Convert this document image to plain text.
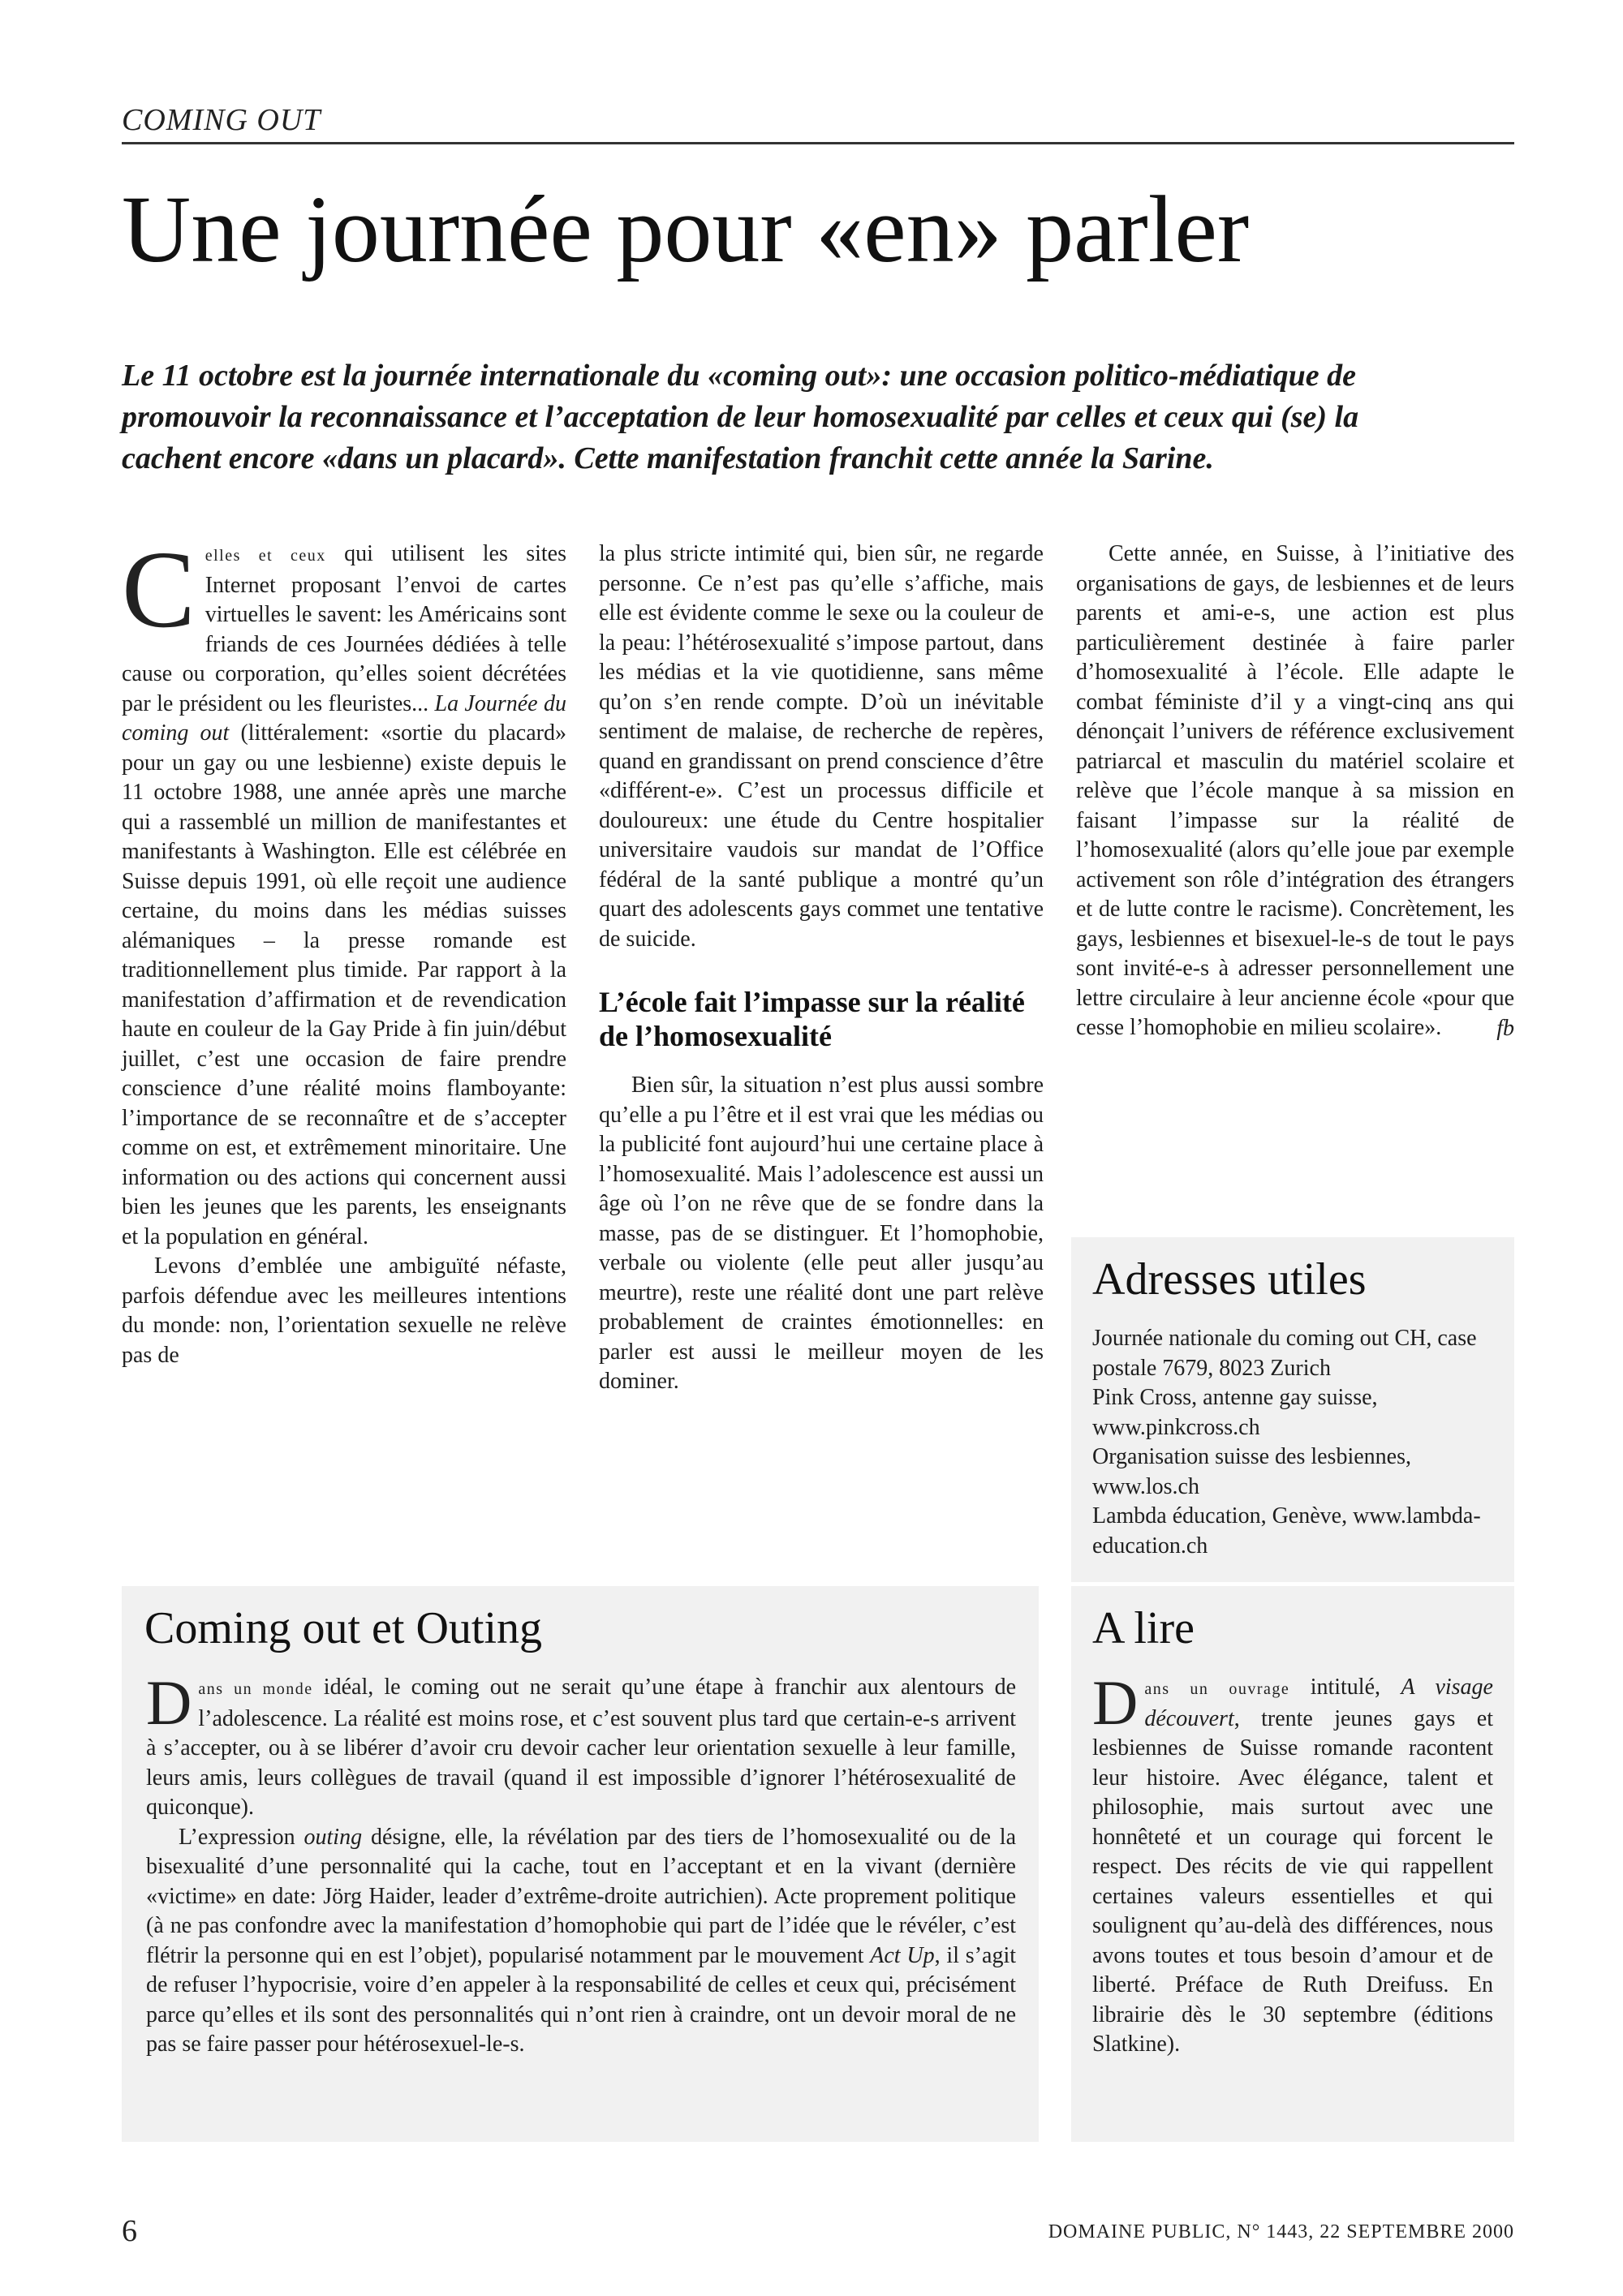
COMING OUT
Une journée pour «en» parler

Le 11 octobre est la journée internationale du «coming out»: une occasion politico-médiatique de promouvoir la reconnaissance et l’acceptation de leur homosexualité par celles et ceux qui (se) la cachent encore «dans un placard». Cette manifestation franchit cette année la Sarine.

Celles et ceux qui utilisent les sites Internet proposant l’envoi de cartes virtuelles le savent: les Américains sont friands de ces Journées dédiées à telle cause ou corporation, qu’elles soient décrétées par le président ou les fleuristes... La Journée du coming out (littéralement: «sortie du placard» pour un gay ou une lesbienne) existe depuis le 11 octobre 1988, une année après une marche qui a rassemblé un million de manifestantes et manifestants à Washington. Elle est célébrée en Suisse depuis 1991, où elle reçoit une audience certaine, du moins dans les médias suisses alémaniques – la presse romande est traditionnellement plus timide. Par rapport à la manifestation d’affirmation et de revendication haute en couleur de la Gay Pride à fin juin/début juillet, c’est une occasion de faire prendre conscience d’une réalité moins flamboyante: l’importance de se reconnaître et de s’accepter comme on est, et extrêmement minoritaire. Une information ou des actions qui concernent aussi bien les jeunes que les parents, les enseignants et la population en général.

Levons d’emblée une ambiguïté néfaste, parfois défendue avec les meilleures intentions du monde: non, l’orientation sexuelle ne relève pas de

la plus stricte intimité qui, bien sûr, ne regarde personne. Ce n’est pas qu’elle s’affiche, mais elle est évidente comme le sexe ou la couleur de la peau: l’hétérosexualité s’impose partout, dans les médias et la vie quotidienne, sans même qu’on s’en rende compte. D’où un inévitable sentiment de malaise, de recherche de repères, quand en grandissant on prend conscience d’être «différent-e». C’est un processus difficile et douloureux: une étude du Centre hospitalier universitaire vaudois sur mandat de l’Office fédéral de la santé publique a montré qu’un quart des adolescents gays commet une tentative de suicide.

L’école fait l’impasse sur la réalité de l’homosexualité

Bien sûr, la situation n’est plus aussi sombre qu’elle a pu l’être et il est vrai que les médias ou la publicité font aujourd’hui une certaine place à l’homosexualité. Mais l’adolescence est aussi un âge où l’on ne rêve que de se fondre dans la masse, pas de se distinguer. Et l’homophobie, verbale ou violente (elle peut aller jusqu’au meurtre), reste une réalité dont une part relève probablement de craintes émotionnelles: en parler est aussi le meilleur moyen de les dominer.

Cette année, en Suisse, à l’initiative des organisations de gays, de lesbiennes et de leurs parents et ami-e-s, une action est plus particulièrement destinée à faire parler d’homosexualité à l’école. Elle adapte le combat féministe d’il y a vingt-cinq ans qui dénonçait l’univers de référence exclusivement patriarcal et masculin du matériel scolaire et relève que l’école manque à sa mission en faisant l’impasse sur la réalité de l’homosexualité (alors qu’elle joue par exemple activement son rôle d’intégration des étrangers et de lutte contre le racisme). Concrètement, les gays, lesbiennes et bisexuel-le-s de tout le pays sont invité-e-s à adresser personnellement une lettre circulaire à leur ancienne école «pour que cesse l’homophobie en milieu scolaire».	fb

Adresses utiles

Journée nationale du coming out CH, case postale 7679, 8023 Zurich

Pink Cross, antenne gay suisse, www.pinkcross.ch

Organisation suisse des lesbiennes, www.los.ch

Lambda éducation, Genève, www.lambda-education.ch

Coming out et Outing

Dans un monde idéal, le coming out ne serait qu’une étape à franchir aux alentours de l’adolescence. La réalité est moins rose, et c’est souvent plus tard que certain-e-s arrivent à s’accepter, ou à se libérer d’avoir cru devoir cacher leur orientation sexuelle à leur famille, leurs amis, leurs collègues de travail (quand il est impossible d’ignorer l’hétérosexualité de quiconque).

L’expression outing désigne, elle, la révélation par des tiers de l’homosexualité ou de la bisexualité d’une personnalité qui la cache, tout en l’acceptant et en la vivant (dernière «victime» en date: Jörg Haider, leader d’extrême-droite autrichien). Acte proprement politique (à ne pas confondre avec la manifestation d’homophobie qui part de l’idée que le révéler, c’est flétrir la personne qui en est l’objet), popularisé notamment par le mouvement Act Up, il s’agit de refuser l’hypocrisie, voire d’en appeler à la responsabilité de celles et ceux qui, précisément parce qu’elles et ils sont des personnalités qui n’ont rien à craindre, ont un devoir moral de ne pas se faire passer pour hétérosexuel-le-s.

A lire

Dans un ouvrage intitulé, A visage découvert, trente jeunes gays et lesbiennes de Suisse romande racontent leur histoire. Avec élégance, talent et philosophie, mais surtout avec une honnêteté et un courage qui forcent le respect. Des récits de vie qui rappellent certaines valeurs essentielles et qui soulignent qu’au-delà des différences, nous avons toutes et tous besoin d’amour et de liberté. Préface de Ruth Dreifuss. En librairie dès le 30 septembre (éditions Slatkine).

6	DOMAINE PUBLIC, N° 1443, 22 SEPTEMBRE 2000
